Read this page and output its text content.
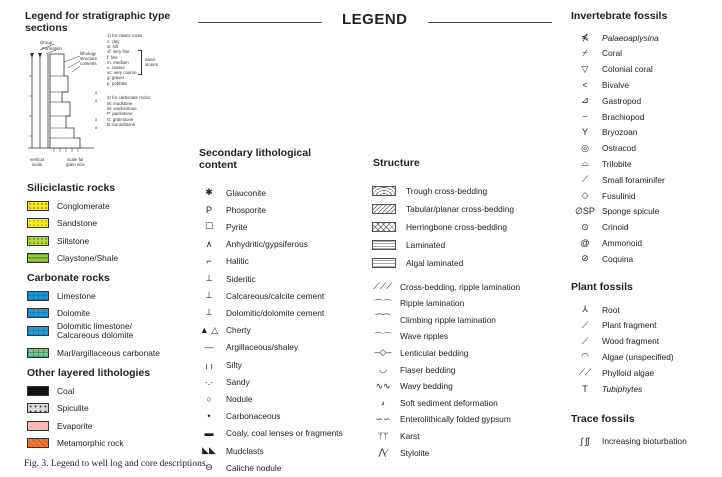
LEGEND
Legend for stratigraphic type
sections
Group
Formation
lithology
structure
contents
vertical
scale
scale for
grain size
1) for clastic rocks
c: clay
si: silt
vf: very fine
f: fine
m: medium
c: coarse
vc: very coarse
g: gravel
p: pebbles
sand-
stones
x
x
x
x
2) for carbonate rocks:
M: mudstone
W: wackestone
P: packstone
G: grainstone
B: boundstone
Siliciclastic rocks
Conglomerate
Sandstone
Siltstone
Claystone/Shale
Carbonate rocks
Limestone
Dolomite
Dolomitic limestone/

Calcareous dolomite
Marl/argillaceous carbonate
Other layered lithologies
Coal
Spiculite
Evaporite
Metamorphic rock
Secondary lithological
content
✱	Glauconite
P	Phosporite
☐	Pyrite
∧	Anhydritic/gypsiferous
⌐	Halitic
⊥	Sideritic
⊥	Calcareous/calcite cement
⊥	Dolomitic/dolomite cement
▲ △ Cherty
—	Argillaceous/shaley
╷╷	Silty
·.·	Sandy
○	Nodule
•	Carbonaceous
▬	Coaly, coal lenses or fragments
◣◣	Mudclasts
⊖	Caliche nodule
Structure
Trough cross-bedding
Tabular/planar cross-bedding
Herringbone cross-bedding
Laminated
Algal laminated
⟋⟋⟋ Cross-bedding, ripple lamination
⌒⌒ Ripple lamination
⁀⁀	Climbing ripple lamination
⌒⌒ Wave ripples
–◇–	Lenticular bedding
◡	Flaser bedding
∿∿	Wavy bedding
𝓈	Soft sediment deformation
∽∽	Enterolithically folded gypsum
ᛘᛘ	Karst
⋀∕	Stylolite
Invertebrate fossils
⋠	Palaeoaplysina
⌿	Coral
▽	Colonial coral
<	Bivalve
⊿	Gastropod
⌣	Brachiopod
Y	Bryozoan
◎	Ostracod
⌓	Trilobite
⟋	Small foraminifer
◇	Fusulinid
∅SP Sponge spicule
⊙	Crinoid
@	Ammonoid
⊘	Coquina
Plant fossils
⅄	Root
⟋	Plant fragment
⟋	Wood fragment
◠	Algae (unspecified)
⟋⟋	Phylloid algae
T	Tubiphytes
Trace fossils
ʃ ʃʃ	Increasing bioturbation
Fig. 3. Legend to well log and core descriptions.
